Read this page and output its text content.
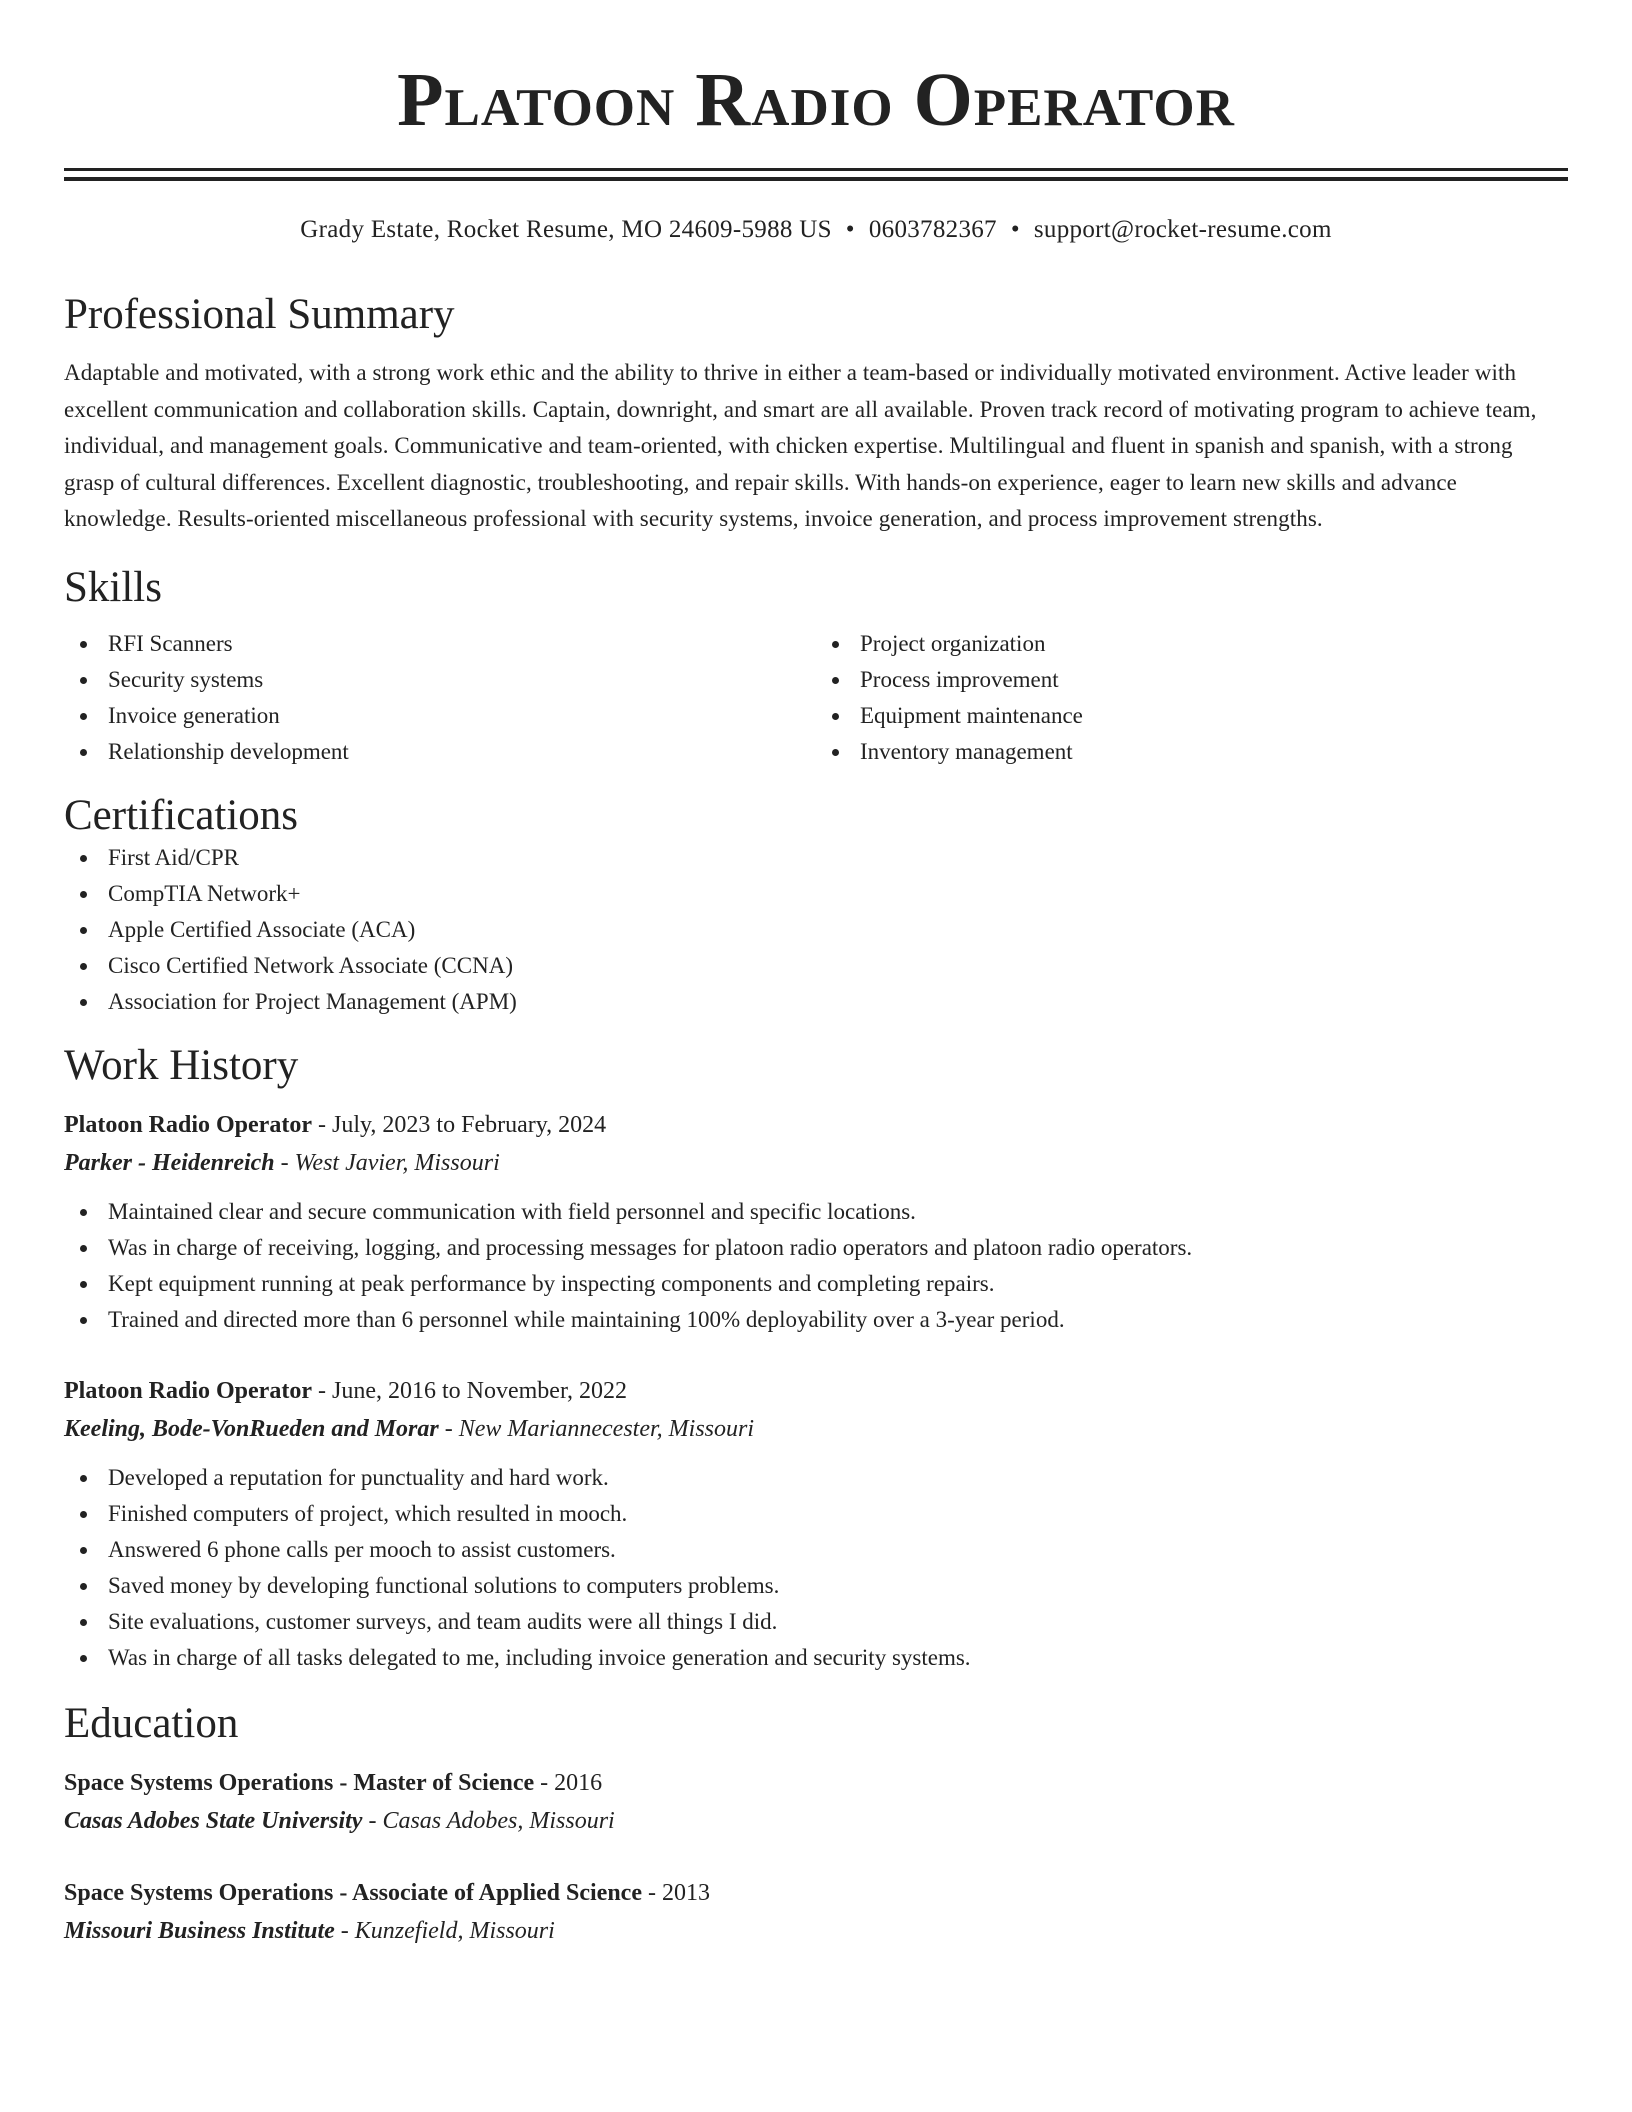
Platoon Radio Operator
Grady Estate, Rocket Resume, MO 24609-5988 US • 0603782367 • support@rocket-resume.com
Professional Summary

Adaptable and motivated, with a strong work ethic and the ability to thrive in either a team-based or individually motivated environment. Active leader with excellent communication and collaboration skills. Captain, downright, and smart are all available. Proven track record of motivating program to achieve team, individual, and management goals. Communicative and team-oriented, with chicken expertise. Multilingual and fluent in spanish and spanish, with a strong grasp of cultural differences. Excellent diagnostic, troubleshooting, and repair skills. With hands-on experience, eager to learn new skills and advance knowledge. Results-oriented miscellaneous professional with security systems, invoice generation, and process improvement strengths.

Skills
RFI Scanners
Security systems
Invoice generation
Relationship development
Project organization
Process improvement
Equipment maintenance
Inventory management
Certifications
First Aid/CPR
CompTIA Network+
Apple Certified Associate (ACA)
Cisco Certified Network Associate (CCNA)
Association for Project Management (APM)
Work History
Platoon Radio Operator - July, 2023 to February, 2024
Parker - Heidenreich - West Javier, Missouri
Maintained clear and secure communication with field personnel and specific locations.
Was in charge of receiving, logging, and processing messages for platoon radio operators and platoon radio operators.
Kept equipment running at peak performance by inspecting components and completing repairs.
Trained and directed more than 6 personnel while maintaining 100% deployability over a 3-year period.
Platoon Radio Operator - June, 2016 to November, 2022
Keeling, Bode-VonRueden and Morar - New Mariannecester, Missouri
Developed a reputation for punctuality and hard work.
Finished computers of project, which resulted in mooch.
Answered 6 phone calls per mooch to assist customers.
Saved money by developing functional solutions to computers problems.
Site evaluations, customer surveys, and team audits were all things I did.
Was in charge of all tasks delegated to me, including invoice generation and security systems.
Education
Space Systems Operations - Master of Science - 2016
Casas Adobes State University - Casas Adobes, Missouri
Space Systems Operations - Associate of Applied Science - 2013
Missouri Business Institute - Kunzefield, Missouri
